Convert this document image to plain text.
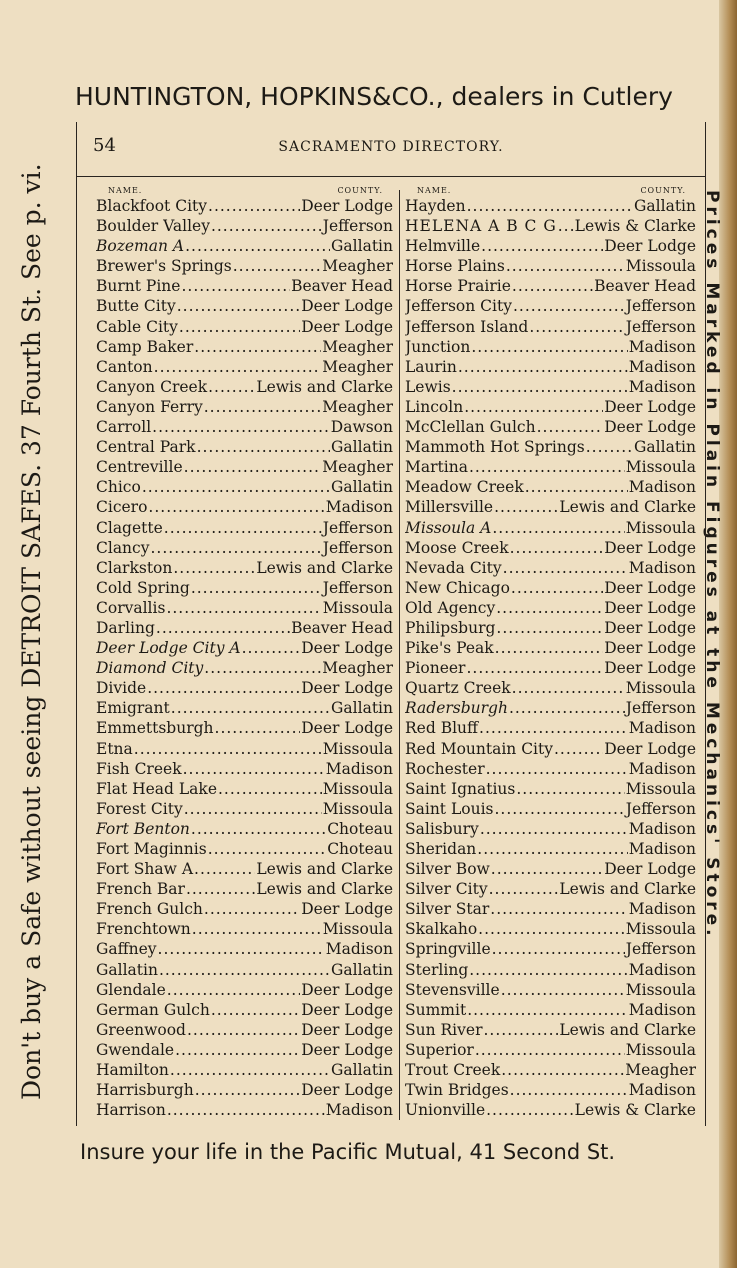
HUNTINGTON, HOPKINS&CO., dealers in Cutlery
Don't buy a Safe without seeing DETROIT SAFES. 37 Fourth St. See p. vi.	Prices Marked in Plain Figures at the Mechanics' Store.
54	SACRAMENTO DIRECTORY.
NAME.	COUNTY.
Blackfoot City .....	Deer Lodge
Boulder Valley .....	Jefferson
Bozeman A .....	Gallatin
Brewer's Springs .....	Meagher
Burnt Pine .....	Beaver Head
Butte City .....	Deer Lodge
Cable City .....	Deer Lodge
Camp Baker .....	Meagher
Canton .....	Meagher
Canyon Creek .....	Lewis and Clarke
Canyon Ferry .....	Meagher
Carroll .....	Dawson
Central Park .....	Gallatin
Centreville .....	Meagher
Chico .....	Gallatin
Cicero .....	Madison
Clagette .....	Jefferson
Clancy .....	Jefferson
Clarkston .....	Lewis and Clarke
Cold Spring .....	Jefferson
Corvallis .....	Missoula
Darling .....	Beaver Head
Deer Lodge City A .....	Deer Lodge
Diamond City .....	Meagher
Divide .....	Deer Lodge
Emigrant .....	Gallatin
Emmettsburgh .....	Deer Lodge
Etna .....	Missoula
Fish Creek .....	Madison
Flat Head Lake .....	Missoula
Forest City .....	Missoula
Fort Benton .....	Choteau
Fort Maginnis .....	Choteau
Fort Shaw A .....	Lewis and Clarke
French Bar .....	Lewis and Clarke
French Gulch .....	Deer Lodge
Frenchtown .....	Missoula
Gaffney .....	Madison
Gallatin .....	Gallatin
Glendale .....	Deer Lodge
German Gulch .....	Deer Lodge
Greenwood .....	Deer Lodge
Gwendale .....	Deer Lodge
Hamilton .....	Gallatin
Harrisburgh .....	Deer Lodge
Harrison .....	Madison
NAME.	COUNTY.
Hayden .....	Gallatin
HELENA A B C G ..... Lewis & Clarke
Helmville .....	Deer Lodge
Horse Plains .....	Missoula
Horse Prairie .....	Beaver Head
Jefferson City .....	Jefferson
Jefferson Island .....	Jefferson
Junction .....	Madison
Laurin .....	Madison
Lewis .....	Madison
Lincoln .....	Deer Lodge
McClellan Gulch .....	Deer Lodge
Mammoth Hot Springs .....	Gallatin
Martina .....	Missoula
Meadow Creek .....	Madison
Millersville .....	Lewis and Clarke
Missoula A .....	Missoula
Moose Creek .....	Deer Lodge
Nevada City .....	Madison
New Chicago .....	Deer Lodge
Old Agency .....	Deer Lodge
Philipsburg .....	Deer Lodge
Pike's Peak .....	Deer Lodge
Pioneer .....	Deer Lodge
Quartz Creek .....	Missoula
Radersburgh .....	Jefferson
Red Bluff .....	Madison
Red Mountain City .....	Deer Lodge
Rochester .....	Madison
Saint Ignatius .....	Missoula
Saint Louis .....	Jefferson
Salisbury .....	Madison
Sheridan .....	Madison
Silver Bow .....	Deer Lodge
Silver City .....	Lewis and Clarke
Silver Star .....	Madison
Skalkaho .....	Missoula
Springville .....	Jefferson
Sterling .....	Madison
Stevensville .....	Missoula
Summit .....	Madison
Sun River .....	Lewis and Clarke
Superior .....	Missoula
Trout Creek .....	Meagher
Twin Bridges .....	Madison
Unionville .....	Lewis & Clarke
Insure your life in the Pacific Mutual, 41 Second St.
